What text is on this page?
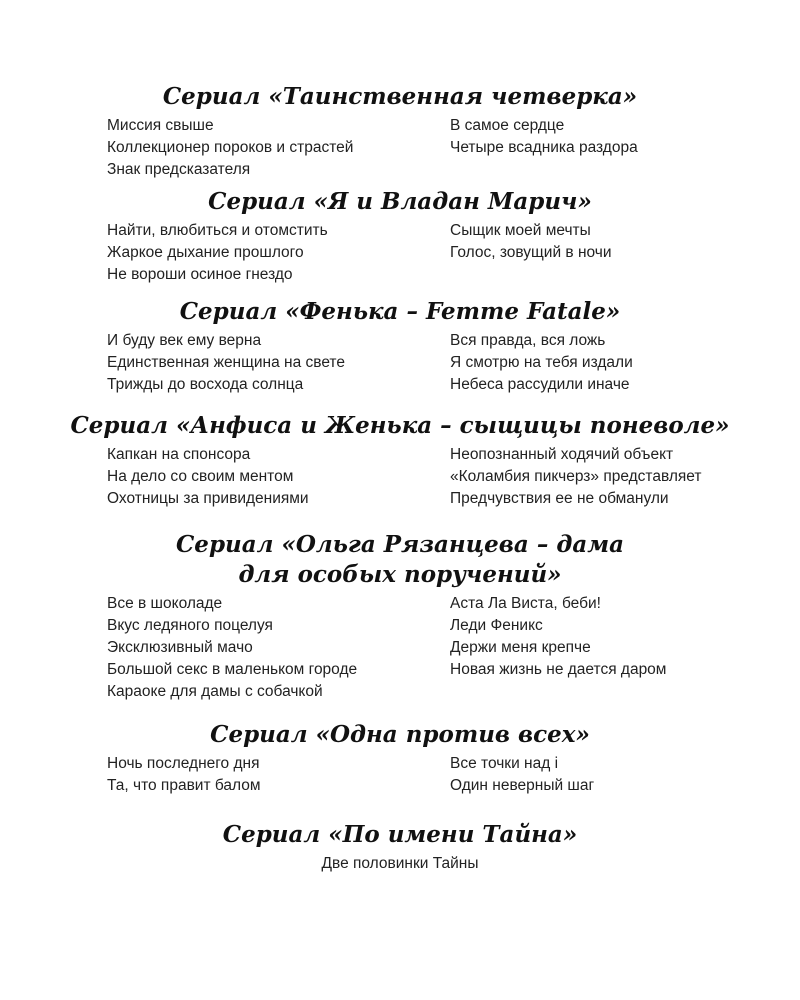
Сериал «Таинственная четверка»
Миссия свыше
Коллекционер пороков и страстей
Знак предсказателя
В самое сердце
Четыре всадника раздора
Сериал «Я и Владан Марич»
Найти, влюбиться и отомстить
Жаркое дыхание прошлого
Не вороши осиное гнездо
Сыщик моей мечты
Голос, зовущий в ночи
Сериал «Фенька – Femme Fatale»
И буду век ему верна
Единственная женщина на свете
Трижды до восхода солнца
Вся правда, вся ложь
Я смотрю на тебя издали
Небеса рассудили иначе
Сериал «Анфиса и Женька – сыщицы поневоле»
Капкан на спонсора
На дело со своим ментом
Охотницы за привидениями
Неопознанный ходячий объект
«Коламбия пикчерз» представляет
Предчувствия ее не обманули
Сериал «Ольга Рязанцева – дама
для особых поручений»
Все в шоколаде
Вкус ледяного поцелуя
Эксклюзивный мачо
Большой секс в маленьком городе
Караоке для дамы с собачкой
Аста Ла Виста, беби!
Леди Феникс
Держи меня крепче
Новая жизнь не дается даром
Сериал «Одна против всех»
Ночь последнего дня
Та, что правит балом
Все точки над i
Один неверный шаг
Сериал «По имени Тайна»
Две половинки Тайны
